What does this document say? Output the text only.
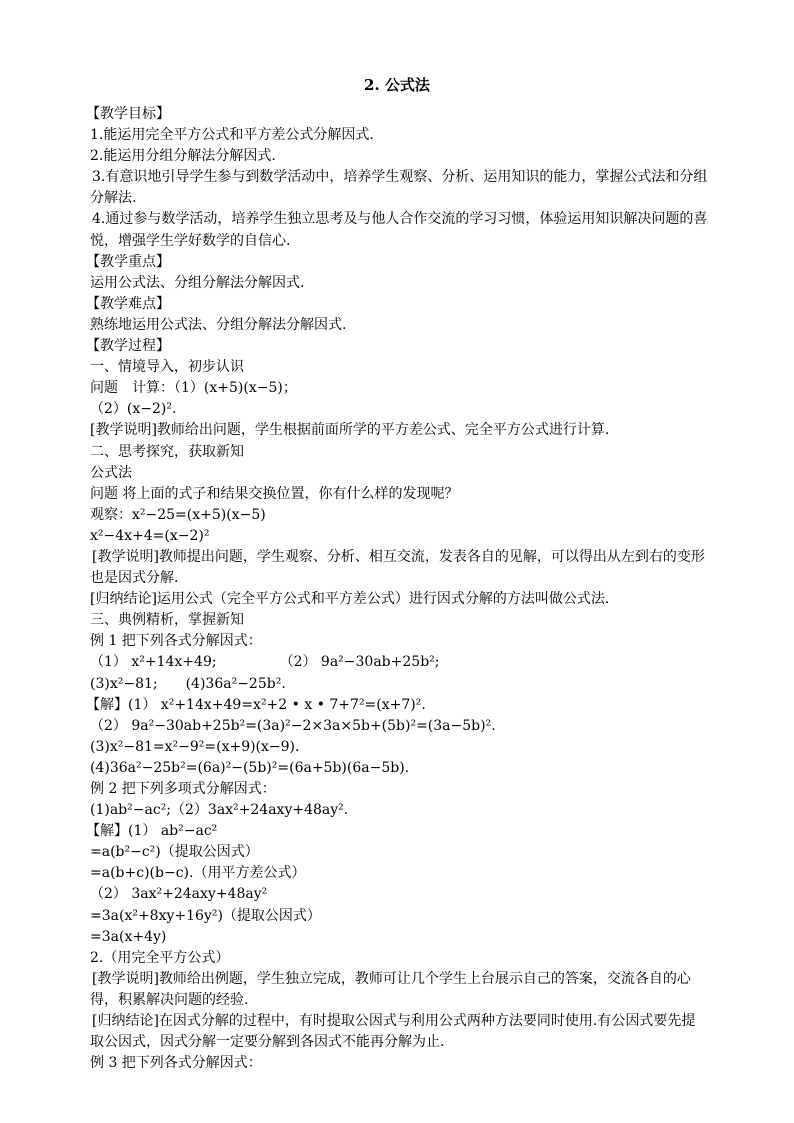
2. 公式法
【教学目标】
1.能运用完全平方公式和平方差公式分解因式.
2.能运用分组分解法分解因式.
3.有意识地引导学生参与到数学活动中，培养学生观察、分析、运用知识的能力，掌握公式法和分组分解法.
4.通过参与数学活动，培养学生独立思考及与他人合作交流的学习习惯，体验运用知识解决问题的喜悦，增强学生学好数学的自信心.
【教学重点】
运用公式法、分组分解法分解因式.
【教学难点】
熟练地运用公式法、分组分解法分解因式.
【教学过程】
一、情境导入，初步认识
问题　计算：（1）(x+5)(x−5)；
（2）(x−2)².
[教学说明]教师给出问题，学生根据前面所学的平方差公式、完全平方公式进行计算.
二、思考探究，获取新知
公式法
问题 将上面的式子和结果交换位置，你有什么样的发现呢？
观察：x²−25=(x+5)(x−5)
x²−4x+4=(x−2)²
[教学说明]教师提出问题，学生观察、分析、相互交流，发表各自的见解，可以得出从左到右的变形也是因式分解.
[归纳结论]运用公式（完全平方公式和平方差公式）进行因式分解的方法叫做公式法.
三、典例精析，掌握新知
例 1 把下列各式分解因式：
（1） x²+14x+49;　　　　　（2） 9a²−30ab+25b²;
(3)x²−81;　　(4)36a²−25b².
【解】(1） x²+14x+49=x²+2 • x • 7+7²=(x+7)².
（2） 9a²−30ab+25b²=(3a)²−2×3a×5b+(5b)²=(3a−5b)².
(3)x²−81=x²−9²=(x+9)(x−9).
(4)36a²−25b²=(6a)²−(5b)²=(6a+5b)(6a−5b).
例 2 把下列多项式分解因式：
(1)ab²−ac²;（2）3ax²+24axy+48ay².
【解】(1） ab²−ac²
=a(b²−c²)（提取公因式）
=a(b+c)(b−c).（用平方差公式）
（2） 3ax²+24axy+48ay²
=3a(x²+8xy+16y²)（提取公因式）
=3a(x+4y)
2.（用完全平方公式）
[教学说明]教师给出例题，学生独立完成，教师可让几个学生上台展示自己的答案，交流各自的心得，积累解决问题的经验.
[归纳结论]在因式分解的过程中，有时提取公因式与利用公式两种方法要同时使用.有公因式要先提取公因式，因式分解一定要分解到各因式不能再分解为止.
例 3 把下列各式分解因式：
